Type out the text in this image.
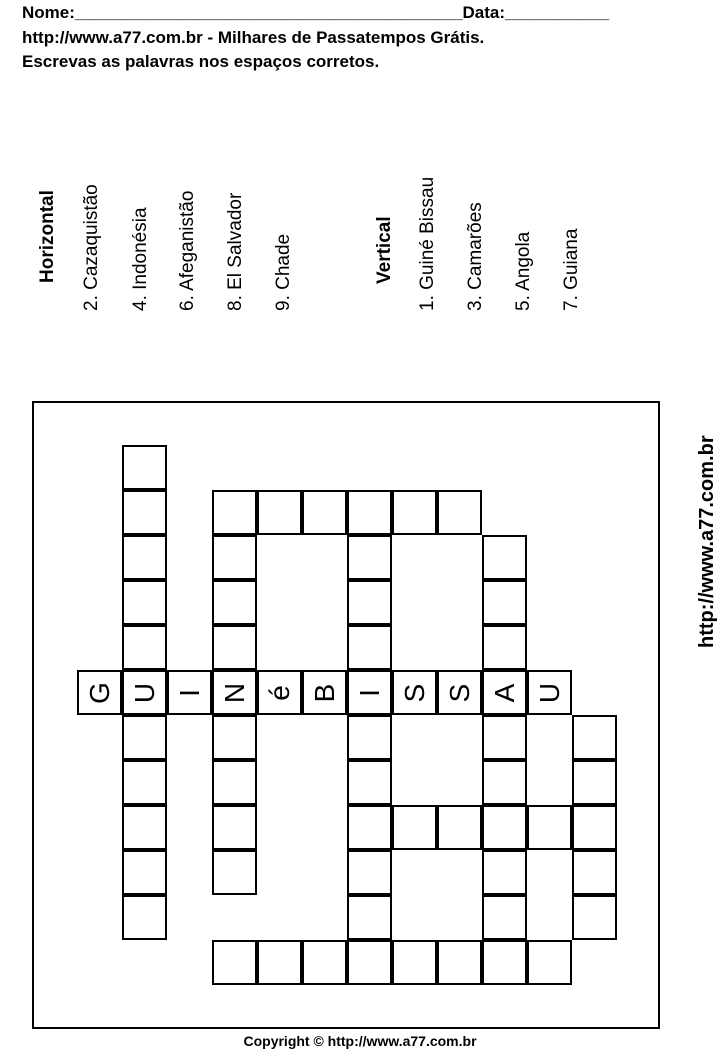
Nome:_________________________________________Data:___________
http://www.a77.com.br - Milhares de Passatempos Grátis.
Escrevas as palavras nos espaços corretos.
Horizontal 2. Cazaquistão 4. Indonésia 6. Afeganistão 8. El Salvador 9. Chade	Vertical 1. Guiné Bissau 3. Camarões 5. Angola 7. Guiana
G U I N é B I S S A U
http://www.a77.com.br
Copyright © http://www.a77.com.br
